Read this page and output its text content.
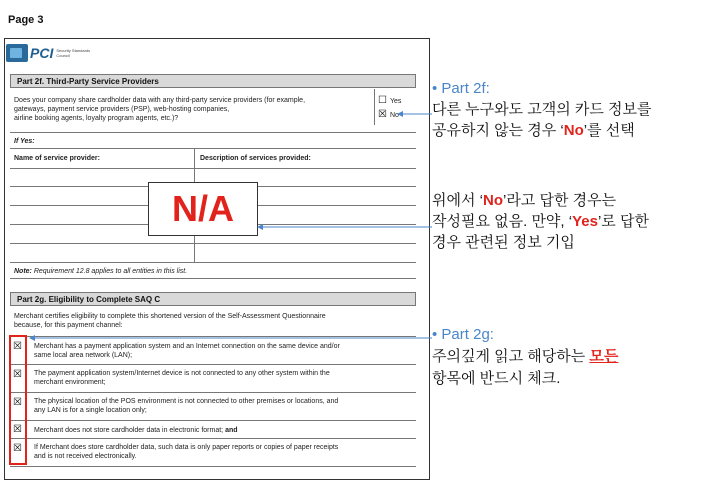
Page 3
PCI Security Standards Council
Part 2f. Third-Party Service Providers
Does your company share cardholder data with any third-party service providers (for example,
gateways, payment service providers (PSP), web-hosting companies,
airline booking agents, loyalty program agents, etc.)?
☐ Yes
☒ No
If Yes:
Name of service provider:	Description of services provided:
Note: Requirement 12.8 applies to all entities in this list.
N/A
Part 2g. Eligibility to Complete SAQ C
Merchant certifies eligibility to complete this shortened version of the Self-Assessment Questionnaire
because, for this payment channel:
☒ Merchant has a payment application system and an Internet connection on the same device and/or
same local area network (LAN);
☒ The payment application system/Internet device is not connected to any other system within the
merchant environment;
☒ The physical location of the POS environment is not connected to other premises or locations, and
any LAN is for a single location only;
☒ Merchant does not store cardholder data in electronic format; and
☒ If Merchant does store cardholder data, such data is only paper reports or copies of paper receipts
and is not received electronically.
• Part 2f:
다른 누구와도 고객의 카드 정보를
공유하지 않는 경우 ‘No’를 선택
위에서 ‘No’라고 답한 경우는
작성필요 없음. 만약, ‘Yes’로 답한
경우 관련된 정보 기입
• Part 2g:
주의깊게 읽고 해당하는 모든
항목에 반드시 체크.
